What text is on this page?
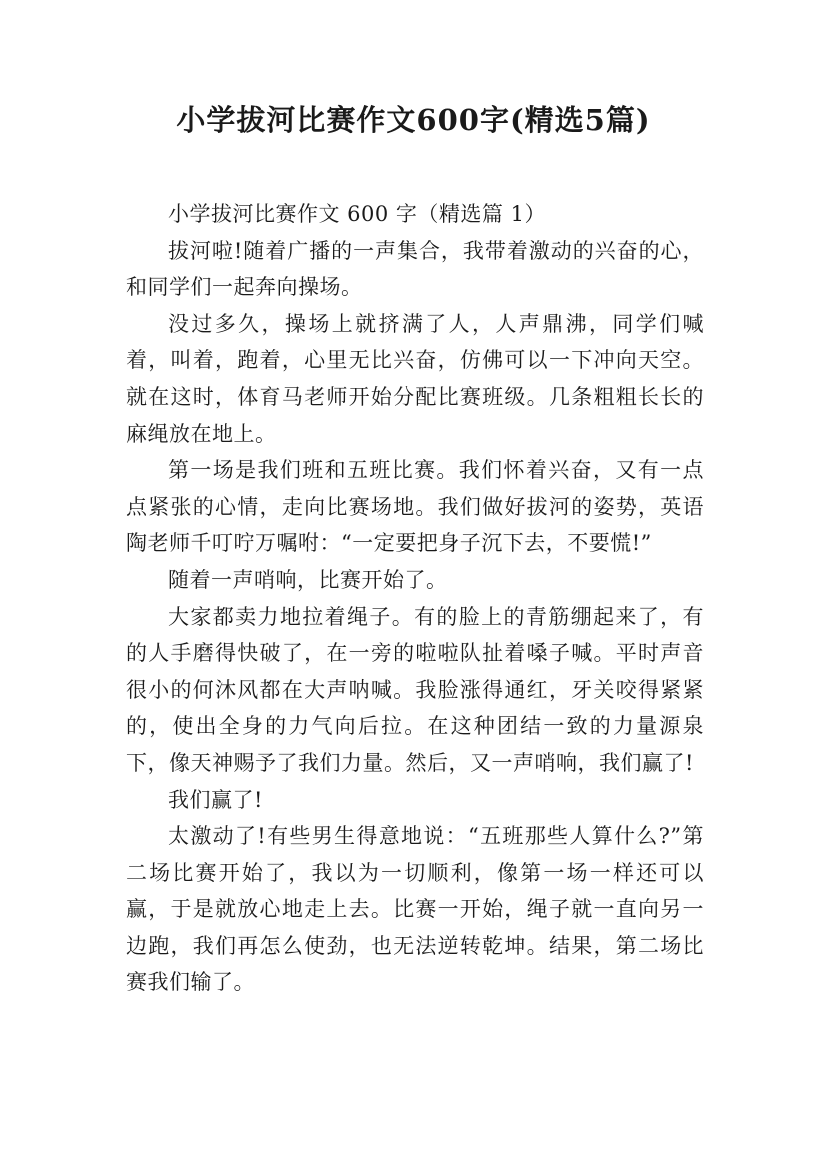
小学拔河比赛作文600字(精选5篇)

小学拔河比赛作文 600 字（精选篇 1）

拔河啦!随着广播的一声集合，我带着激动的兴奋的心，和同学们一起奔向操场。

没过多久，操场上就挤满了人，人声鼎沸，同学们喊着，叫着，跑着，心里无比兴奋，仿佛可以一下冲向天空。就在这时，体育马老师开始分配比赛班级。几条粗粗长长的麻绳放在地上。

第一场是我们班和五班比赛。我们怀着兴奋，又有一点点紧张的心情，走向比赛场地。我们做好拔河的姿势，英语陶老师千叮咛万嘱咐：“一定要把身子沉下去，不要慌!”

随着一声哨响，比赛开始了。

大家都卖力地拉着绳子。有的脸上的青筋绷起来了，有的人手磨得快破了，在一旁的啦啦队扯着嗓子喊。平时声音很小的何沐风都在大声呐喊。我脸涨得通红，牙关咬得紧紧的，使出全身的力气向后拉。在这种团结一致的力量源泉下，像天神赐予了我们力量。然后，又一声哨响，我们赢了!

我们赢了!

太激动了!有些男生得意地说：“五班那些人算什么?”第二场比赛开始了，我以为一切顺利，像第一场一样还可以赢，于是就放心地走上去。比赛一开始，绳子就一直向另一边跑，我们再怎么使劲，也无法逆转乾坤。结果，第二场比赛我们输了。
